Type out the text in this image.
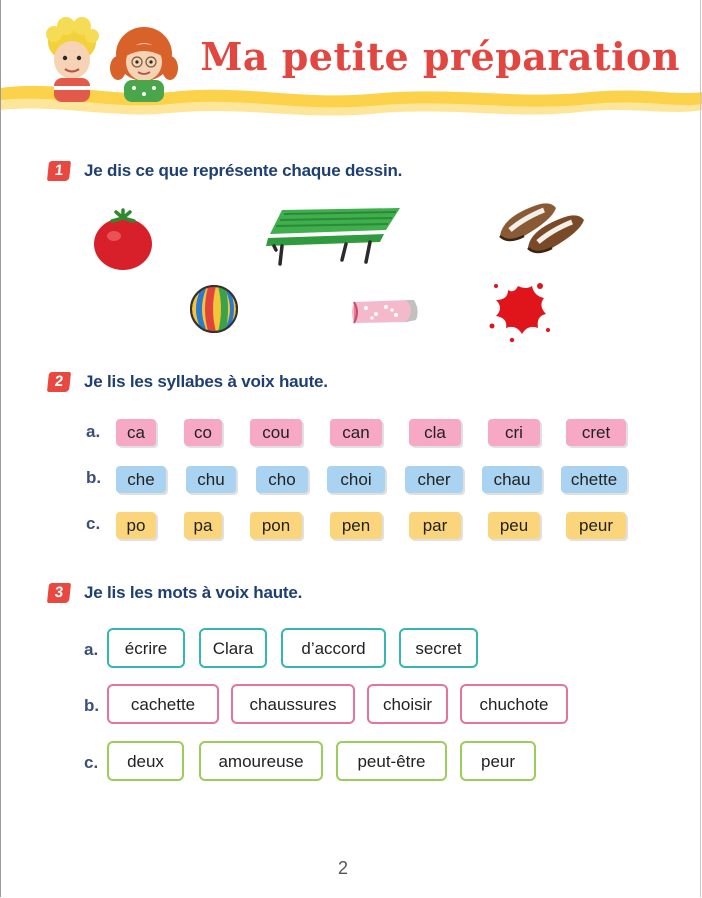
Ma petite préparation
1	Je dis ce que représente chaque dessin.
2	Je lis les syllabes à voix haute.
a.	ca	co	cou	can	cla	cri	cret
b.	che	chu	cho	choi	cher	chau	chette
c.	po	pa	pon	pen	par	peu	peur
3	Je lis les mots à voix haute.
a.	écrire	Clara	d’accord	secret
b.	cachette	chaussures	choisir	chuchote
c.	deux	amoureuse	peut-être	peur
2
